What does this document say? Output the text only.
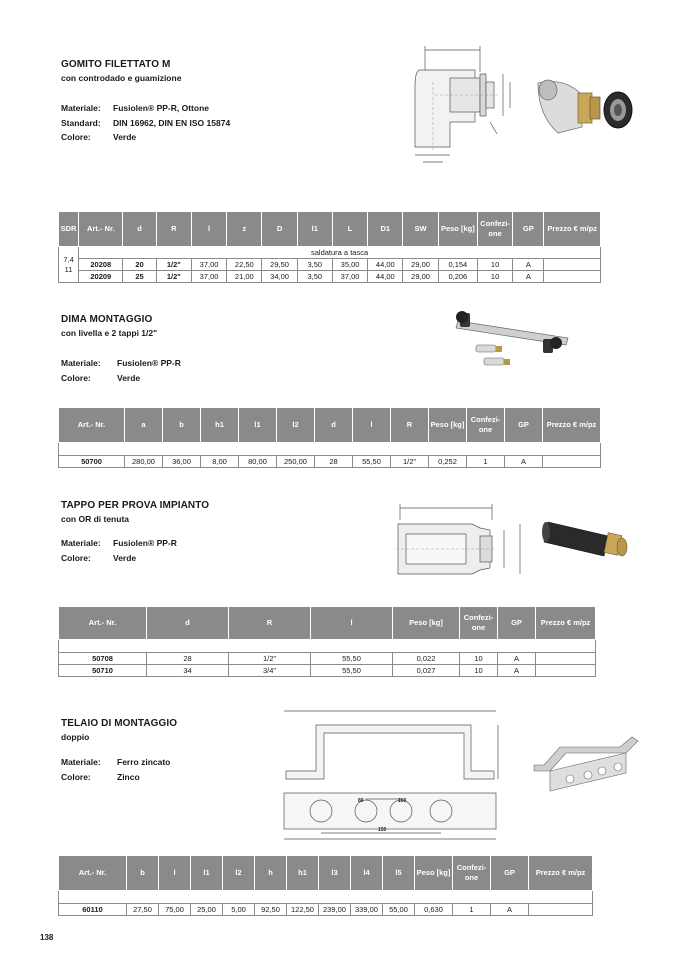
GOMITO FILETTATO M
con controdado e guamizione
Materiale:	Fusiolen® PP-R, Ottone
Standard:	DIN 16962, DIN EN ISO 15874
Colore:	Verde
SDR	Art.- Nr.	d	R	l	z	D	l1	L	D1	SW	Peso [kg]	Confezi-one	GP	Prezzo € m/pz
7,4 11	saldatura a tasca													
	20208	20	1/2"	37,00	22,50	29,50	3,50	35,00	44,00	29,00	0,154	10	A	
	20209	25	1/2"	37,00	21,00	34,00	3,50	37,00	44,00	29,00	0,206	10	A	
DIMA MONTAGGIO
con livella e 2 tappi 1/2"
Materiale:	Fusiolen® PP-R
Colore:	Verde
Art.- Nr.	a	b	h1	l1	l2	d	l	R	Peso [kg]	Confezi-one	GP	Prezzo € m/pz

50700	280,00	36,00	8,00	80,00	250,00	28	55,50	1/2"	0,252	1	A	
TAPPO PER PROVA IMPIANTO
con OR di tenuta
Materiale:	Fusiolen® PP-R
Colore:	Verde
Art.- Nr.	d	R	l	Peso [kg]	Confezi-one	GP	Prezzo € m/pz

50708	28	1/2"	55,50	0,022	10	A	
50710	34	3/4"	55,50	0,027	10	A	
TELAIO DI MONTAGGIO
doppio
Materiale:	Ferro zincato
Colore:	Zinco
80	100
150
Art.- Nr.	b	l	l1	l2	h	h1	l3	l4	l5	Peso [kg]	Confezi-one	GP	Prezzo € m/pz

60110	27,50	75,00	25,00	5,00	92,50	122,50	239,00	339,00	55,00	0,630	1	A	
138
